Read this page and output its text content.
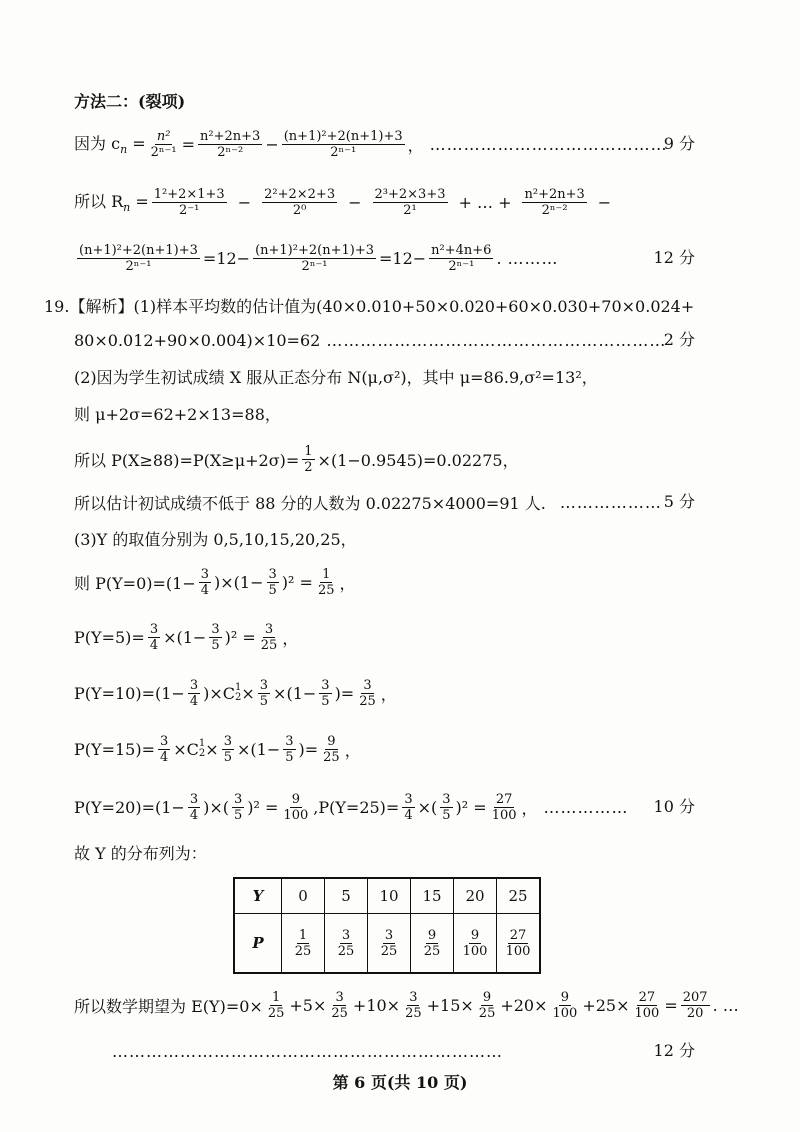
方法二：(裂项)
因为 $c_n = \frac{\text{n²}}{\text{2ⁿ⁻¹}} = \frac{\text{n²+2n+3}}{\text{2ⁿ⁻²}} - \frac{\text{(n+1)²+2(n+1)+3}}{\text{2ⁿ⁻¹}}$ ， ……………………………………
9 分
所以 $R_n = \frac{\text{1²+2×1+3}}{\text{2⁻¹}} - \frac{\text{2²+2×2+3}}{\text{2⁰}} - \frac{\text{2³+2×3+3}}{\text{2¹}}$ + … + $\frac{\text{n²+2n+3}}{\text{2ⁿ⁻²}}$ −
$\frac{\text{(n+1)²+2(n+1)+3}}{\text{2ⁿ⁻¹}} =12- \frac{\text{(n+1)²+2(n+1)+3}}{\text{2ⁿ⁻¹}} =12- \frac{\text{n²+4n+6}}{\text{2ⁿ⁻¹}}$ . ………	12 分
19.【解析】(1)样本平均数的估计值为(40×0.010+50×0.020+60×0.030+70×0.024+
80×0.012+90×0.004)×10=62 ……………………………………………………
2 分
(2)因为学生初试成绩 X 服从正态分布 N(μ,σ²)，其中 μ=86.9,σ²=13²，
则 μ+2σ=62+2×13=88，
所以 $P(X\ge 88)=P(X\ge\mu+2\sigma)= \frac{1}{2} \times(1-0.9545)=0.02275$，
所以估计初试成绩不低于 88 分的人数为 0.02275×4000=91 人. ……………… 5 分
(3)Y 的取值分别为 0,5,10,15,20,25，
则 $P(Y=0)=(1- \frac{3}{4} )\times(1- \frac{3}{5} )^2 = \frac{1}{25}$ ，
$P(Y=5)= \frac{3}{4} \times(1- \frac{3}{5} )^2 = \frac{3}{25}$ ，
$P(Y=10)=(1- \frac{3}{4} )\times C$ 1
$2 \times \frac{3}{5} \times(1- \frac{3}{5}$ )= $\frac{3}{25}$ ，
$P(Y=15)= \frac{3}{4} \times C$ 1
$2 \times \frac{3}{5} \times(1- \frac{3}{5}$ )= $\frac{9}{25}$ ，
$P(Y=20)=(1- \frac{3}{4}$ )×( $\frac{3}{5} )^2 = \frac{9}{100} ,P(Y=25)= \frac{3}{4}$ ×( $\frac{3}{5} )^2 = \frac{27}{100}$ ， …………… 10 分
故 Y 的分布列为：
Y	0	5	10	15	20	25
P	$\frac{1}{25}$	$\frac{3}{25}$	$\frac{3}{25}$	$\frac{9}{25}$	$\frac{9}{100}$	$\frac{27}{100}$
所以数学期望为 $E(Y)=0\times \frac{1}{25} +5\times \frac{3}{25} +10\times \frac{3}{25} +15\times \frac{9}{25} +20\times \frac{9}{100} +25\times \frac{27}{100} = \frac{207}{20}$ . …
……………………………………………………………	12 分
第 6 页(共 10 页)
